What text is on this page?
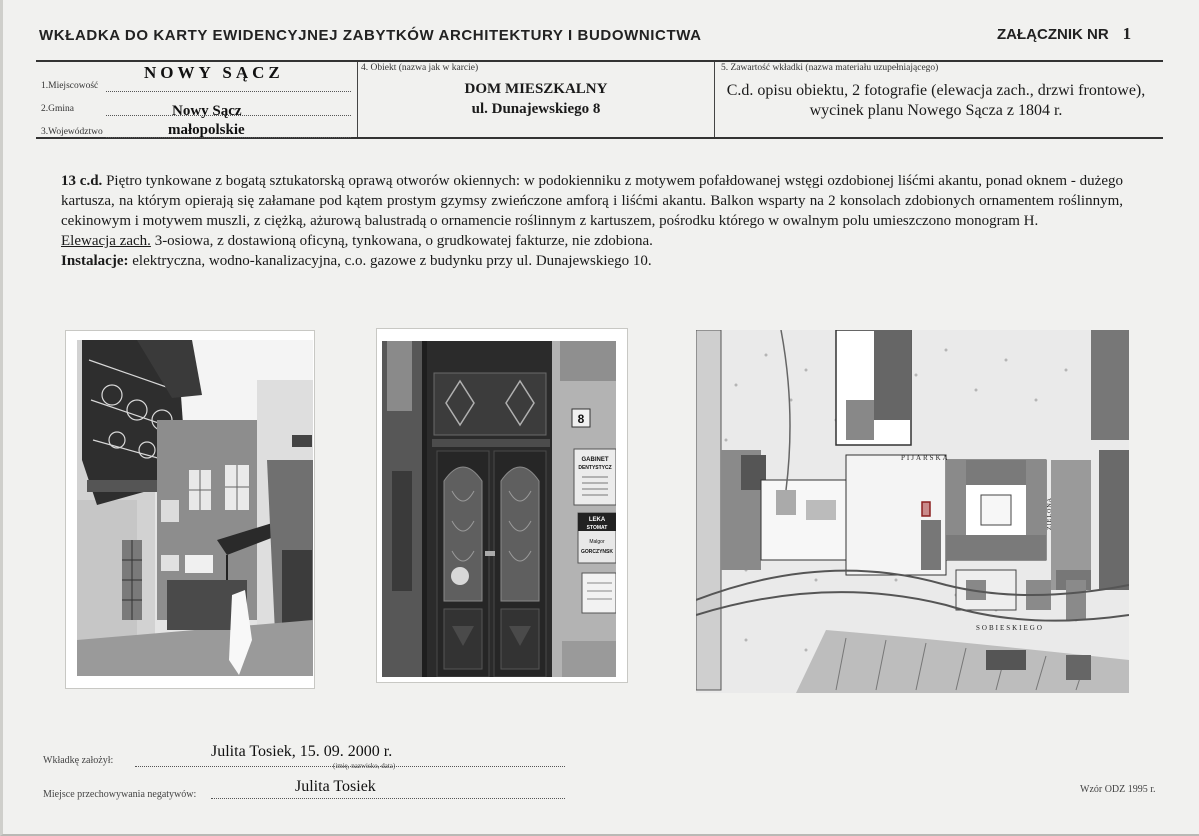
WKŁADKA DO KARTY EWIDENCYJNEJ ZABYTKÓW ARCHITEKTURY I BUDOWNICTWA	ZAŁĄCZNIK NR 1
1.Miejscowość
NOWY SĄCZ
2.Gmina	Nowy Sącz
3.Województwo	małopolskie
4. Obiekt (nazwa jak w karcie)
DOM MIESZKALNY
ul. Dunajewskiego 8
5. Zawartość wkładki (nazwa materiału uzupełniającego)
C.d. opisu obiektu, 2 fotografie (elewacja zach., drzwi frontowe), wycinek planu Nowego Sącza z 1804 r.

13 c.d. Piętro tynkowane z bogatą sztukatorską oprawą otworów okiennych: w podokienniku z motywem pofałdowanej wstęgi ozdobionej liśćmi akantu, ponad oknem - dużego kartusza, na którym opierają się załamane pod kątem prostym gzymsy zwieńczone amforą i liśćmi akantu. Balkon wsparty na 2 konsolach zdobionych ornamentem roślinnym, cekinowym i motywem muszli, z ciężką, ażurową balustradą o ornamencie roślinnym z kartuszem, pośrodku którego w owalnym polu umieszczono monogram H.

Elewacja zach. 3-osiowa, z dostawioną oficyną, tynkowana, o grudkowatej fakturze, nie zdobiona.

Instalacje: elektryczna, wodno-kanalizacyjna, c.o. gazowe z budynku przy ul. Dunajewskiego 10.

8
GABINET
DENTYSTYCZ
LEKA
STOMAT
Malgor
GORCZYNSK
PIJARSKA
SOBIESKIEGO
ZIELONA
Wkładkę założył:
Julita Tosiek, 15. 09. 2000 r.
(imię, nazwisko, data)
Miejsce przechowywania negatywów:	Julita Tosiek	Wzór ODZ 1995 r.
